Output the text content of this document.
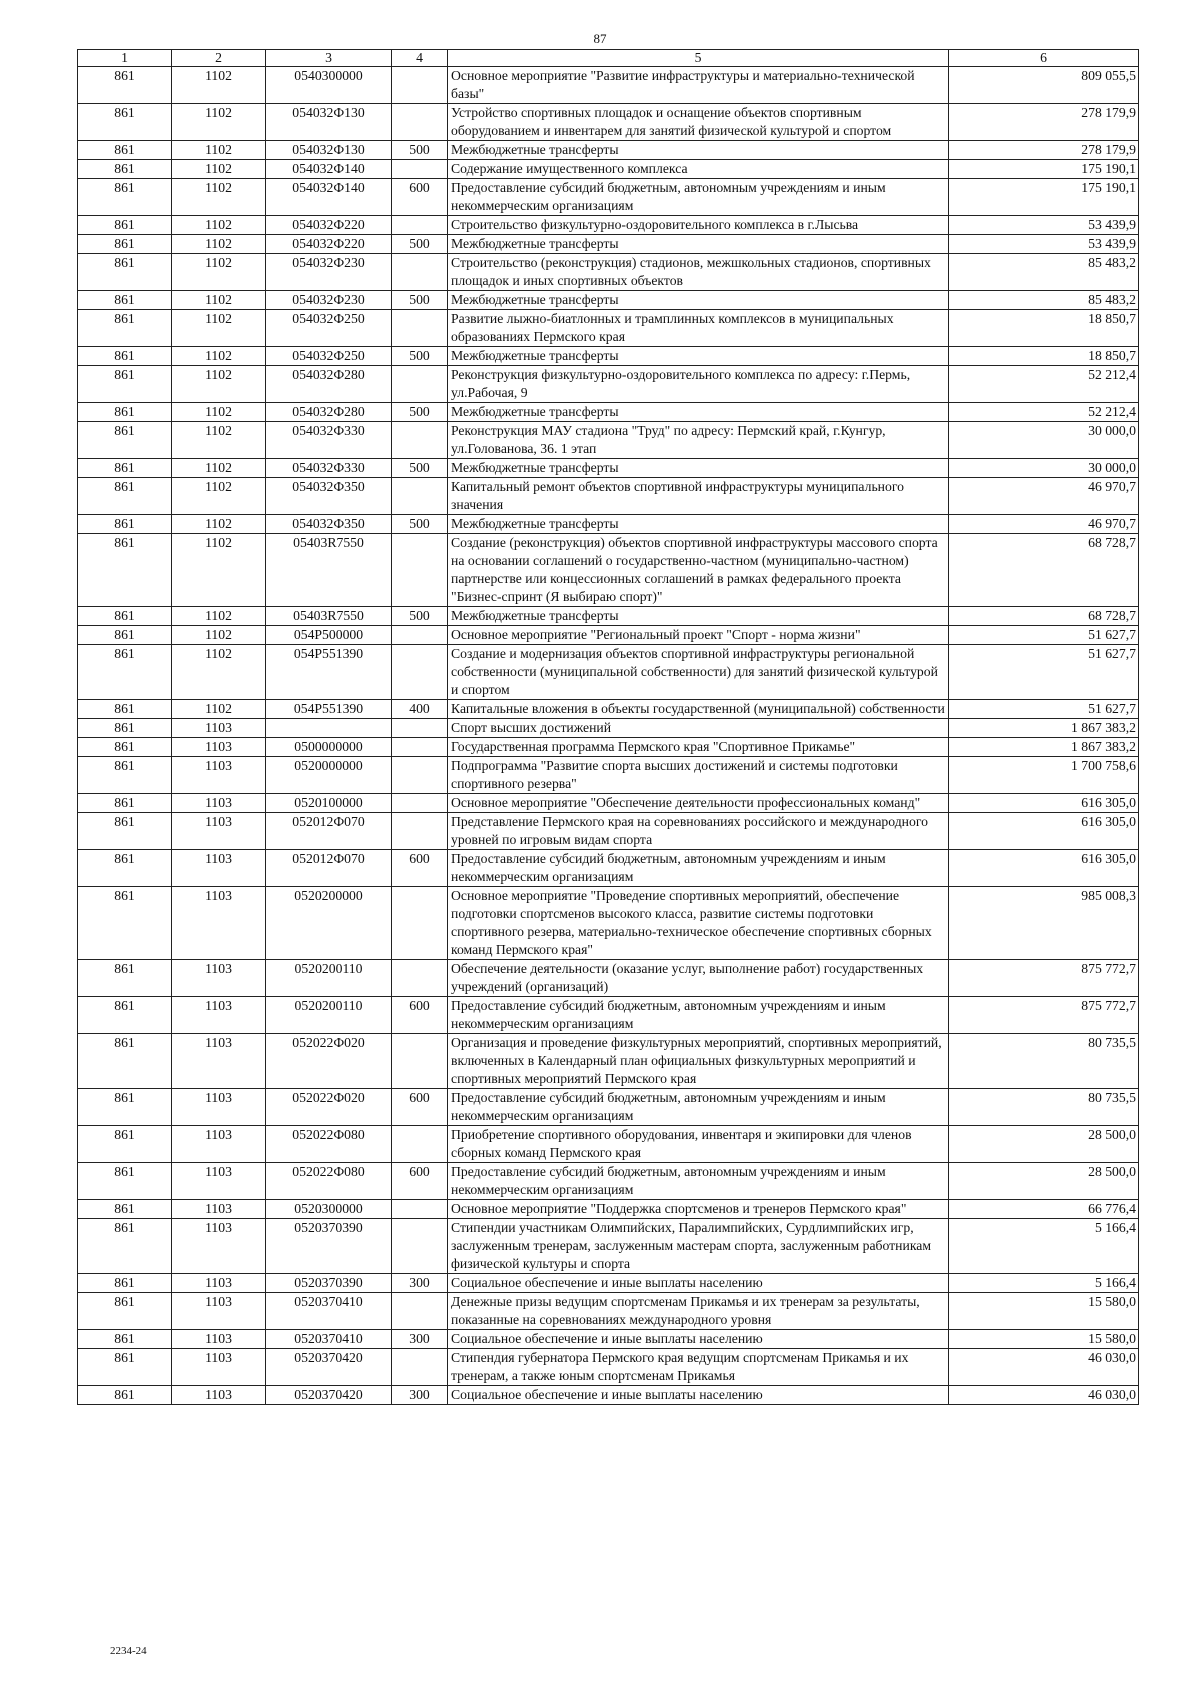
87
1	2	3	4	5	6
861	1102	0540300000		Основное мероприятие "Развитие инфраструктуры и материально-технической базы"	809 055,5
861	1102	054032Ф130		Устройство спортивных площадок и оснащение объектов спортивным оборудованием и инвентарем для занятий физической культурой и спортом	278 179,9
861	1102	054032Ф130	500	Межбюджетные трансферты	278 179,9
861	1102	054032Ф140		Содержание имущественного комплекса	175 190,1
861	1102	054032Ф140	600	Предоставление субсидий бюджетным, автономным учреждениям и иным некоммерческим организациям	175 190,1
861	1102	054032Ф220		Строительство физкультурно-оздоровительного комплекса в г.Лысьва	53 439,9
861	1102	054032Ф220	500	Межбюджетные трансферты	53 439,9
861	1102	054032Ф230		Строительство (реконструкция) стадионов, межшкольных стадионов, спортивных площадок и иных спортивных объектов	85 483,2
861	1102	054032Ф230	500	Межбюджетные трансферты	85 483,2
861	1102	054032Ф250		Развитие лыжно-биатлонных и трамплинных комплексов в муниципальных образованиях Пермского края	18 850,7
861	1102	054032Ф250	500	Межбюджетные трансферты	18 850,7
861	1102	054032Ф280		Реконструкция физкультурно-оздоровительного комплекса по адресу: г.Пермь, ул.Рабочая, 9	52 212,4
861	1102	054032Ф280	500	Межбюджетные трансферты	52 212,4
861	1102	054032Ф330		Реконструкция МАУ стадиона "Труд" по адресу: Пермский край, г.Кунгур, ул.Голованова, 36. 1 этап	30 000,0
861	1102	054032Ф330	500	Межбюджетные трансферты	30 000,0
861	1102	054032Ф350		Капитальный ремонт объектов спортивной инфраструктуры муниципального значения	46 970,7
861	1102	054032Ф350	500	Межбюджетные трансферты	46 970,7
861	1102	05403R7550		Создание (реконструкция) объектов спортивной инфраструктуры массового спорта на основании соглашений о государственно-частном (муниципально-частном) партнерстве или концессионных соглашений в рамках федерального проекта "Бизнес-спринт (Я выбираю спорт)"	68 728,7
861	1102	05403R7550	500	Межбюджетные трансферты	68 728,7
861	1102	054P500000		Основное мероприятие "Региональный проект "Спорт - норма жизни"	51 627,7
861	1102	054P551390		Создание и модернизация объектов спортивной инфраструктуры региональной собственности (муниципальной собственности) для занятий физической культурой и спортом	51 627,7
861	1102	054P551390	400	Капитальные вложения в объекты государственной (муниципальной) собственности	51 627,7
861	1103			Спорт высших достижений	1 867 383,2
861	1103	0500000000		Государственная программа Пермского края "Спортивное Прикамье"	1 867 383,2
861	1103	0520000000		Подпрограмма "Развитие спорта высших достижений и системы подготовки спортивного резерва"	1 700 758,6
861	1103	0520100000		Основное мероприятие "Обеспечение деятельности профессиональных команд"	616 305,0
861	1103	052012Ф070		Представление Пермского края на соревнованиях российского и международного уровней по игровым видам спорта	616 305,0
861	1103	052012Ф070	600	Предоставление субсидий бюджетным, автономным учреждениям и иным некоммерческим организациям	616 305,0
861	1103	0520200000		Основное мероприятие "Проведение спортивных мероприятий, обеспечение подготовки спортсменов высокого класса, развитие системы подготовки спортивного резерва, материально-техническое обеспечение спортивных сборных команд Пермского края"	985 008,3
861	1103	0520200110		Обеспечение деятельности (оказание услуг, выполнение работ) государственных учреждений (организаций)	875 772,7
861	1103	0520200110	600	Предоставление субсидий бюджетным, автономным учреждениям и иным некоммерческим организациям	875 772,7
861	1103	052022Ф020		Организация и проведение физкультурных мероприятий, спортивных мероприятий, включенных в Календарный план официальных физкультурных мероприятий и спортивных мероприятий Пермского края	80 735,5
861	1103	052022Ф020	600	Предоставление субсидий бюджетным, автономным учреждениям и иным некоммерческим организациям	80 735,5
861	1103	052022Ф080		Приобретение спортивного оборудования, инвентаря и экипировки для членов сборных команд Пермского края	28 500,0
861	1103	052022Ф080	600	Предоставление субсидий бюджетным, автономным учреждениям и иным некоммерческим организациям	28 500,0
861	1103	0520300000		Основное мероприятие "Поддержка спортсменов и тренеров Пермского края"	66 776,4
861	1103	0520370390		Стипендии участникам Олимпийских, Паралимпийских, Сурдлимпийских игр, заслуженным тренерам, заслуженным мастерам спорта, заслуженным работникам физической культуры и спорта	5 166,4
861	1103	0520370390	300	Социальное обеспечение и иные выплаты населению	5 166,4
861	1103	0520370410		Денежные призы ведущим спортсменам Прикамья и их тренерам за результаты, показанные на соревнованиях международного уровня	15 580,0
861	1103	0520370410	300	Социальное обеспечение и иные выплаты населению	15 580,0
861	1103	0520370420		Стипендия губернатора Пермского края ведущим спортсменам Прикамья и их тренерам, а также юным спортсменам Прикамья	46 030,0
861	1103	0520370420	300	Социальное обеспечение и иные выплаты населению	46 030,0
2234-24
